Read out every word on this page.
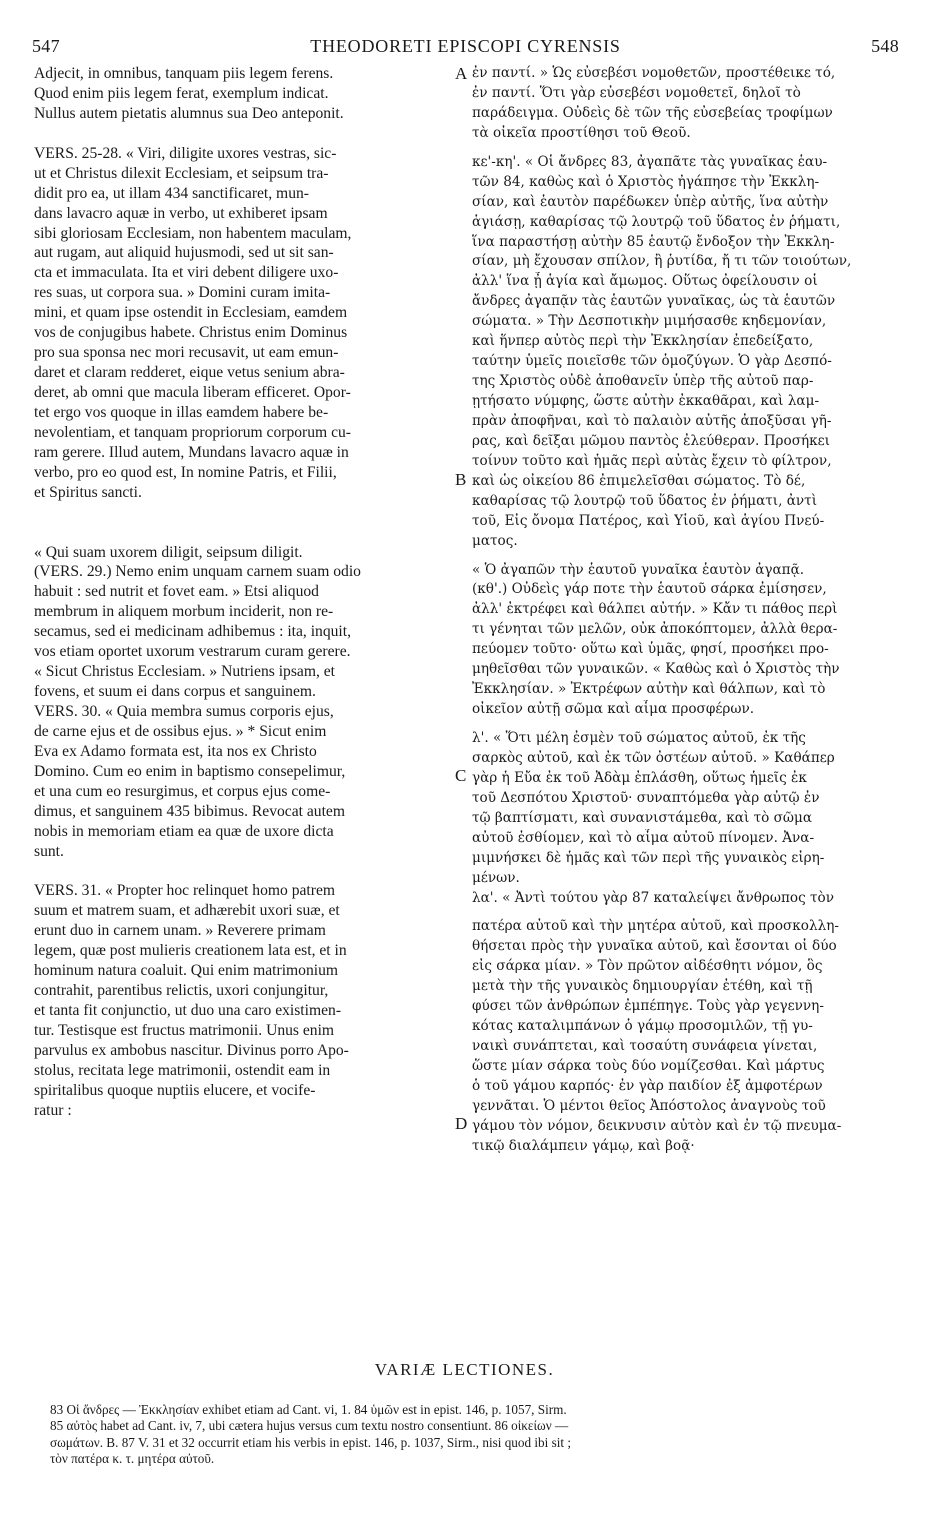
547	THEODORETI EPISCOPI CYRENSIS	548
Adjecit, in omnibus, tanquam piis legem ferens.
Quod enim piis legem ferat, exemplum indicat.
Nullus autem pietatis alumnus sua Deo anteponit.
VERS. 25-28. « Viri, diligite uxores vestras, sic-
ut et Christus dilexit Ecclesiam, et seipsum tra-
didit pro ea, ut illam 434 sanctificaret, mun-
dans lavacro aquæ in verbo, ut exhiberet ipsam
sibi gloriosam Ecclesiam, non habentem maculam,
aut rugam, aut aliquid hujusmodi, sed ut sit san-
cta et immaculata. Ita et viri debent diligere uxo-
res suas, ut corpora sua. » Domini curam imita-
mini, et quam ipse ostendit in Ecclesiam, eamdem
vos de conjugibus habete. Christus enim Dominus
pro sua sponsa nec mori recusavit, ut eam emun-
daret et claram redderet, eique vetus senium abra-
deret, ab omni que macula liberam efficeret. Opor-
tet ergo vos quoque in illas eamdem habere be-
nevolentiam, et tanquam propriorum corporum cu-
ram gerere. Illud autem, Mundans lavacro aquæ in
verbo, pro eo quod est, In nomine Patris, et Filii,
et Spiritus sancti.
« Qui suam uxorem diligit, seipsum diligit.
(VERS. 29.) Nemo enim unquam carnem suam odio
habuit : sed nutrit et fovet eam. » Etsi aliquod
membrum in aliquem morbum inciderit, non re-
secamus, sed ei medicinam adhibemus : ita, inquit,
vos etiam oportet uxorum vestrarum curam gerere.
« Sicut Christus Ecclesiam. » Nutriens ipsam, et
fovens, et suum ei dans corpus et sanguinem.
VERS. 30. « Quia membra sumus corporis ejus,
de carne ejus et de ossibus ejus. » * Sicut enim
Eva ex Adamo formata est, ita nos ex Christo
Domino. Cum eo enim in baptismo consepelimur,
et una cum eo resurgimus, et corpus ejus come-
dimus, et sanguinem 435 bibimus. Revocat autem
nobis in memoriam etiam ea quæ de uxore dicta
sunt.
VERS. 31. « Propter hoc relinquet homo patrem
suum et matrem suam, et adhærebit uxori suæ, et
erunt duo in carnem unam. » Reverere primam
legem, quæ post mulieris creationem lata est, et in
hominum natura coaluit. Qui enim matrimonium
contrahit, parentibus relictis, uxori conjungitur,
et tanta fit conjunctio, ut duo una caro existimen-
tur. Testisque est fructus matrimonii. Unus enim
parvulus ex ambobus nascitur. Divinus porro Apo-
stolus, recitata lege matrimonii, ostendit eam in
spiritalibus quoque nuptiis elucere, et vocife-
ratur :
ἐν παντί. » Ὡς εὐσεβέσι νομοθετῶν, προστέθεικε τό,
ἐν παντί. Ὅτι γὰρ εὐσεβέσι νομοθετεῖ, δηλοῖ τὸ
παράδειγμα. Οὐδεὶς δὲ τῶν τῆς εὐσεβείας τροφίμων
τὰ οἰκεῖα προστίθησι τοῦ Θεοῦ.
κε'-κη'. « Οἱ ἄνδρες 83, ἀγαπᾶτε τὰς γυναῖκας ἑαυ-
τῶν 84, καθὼς καὶ ὁ Χριστὸς ἠγάπησε τὴν Ἐκκλη-
σίαν, καὶ ἑαυτὸν παρέδωκεν ὑπὲρ αὐτῆς, ἵνα αὐτὴν
ἁγιάσῃ, καθαρίσας τῷ λουτρῷ τοῦ ὕδατος ἐν ῥήματι,
ἵνα παραστήσῃ αὐτὴν 85 ἑαυτῷ ἔνδοξον τὴν Ἐκκλη-
σίαν, μὴ ἔχουσαν σπίλον, ἢ ῥυτίδα, ἤ τι τῶν τοιούτων,
ἀλλ' ἵνα ᾖ ἁγία καὶ ἄμωμος. Οὕτως ὀφείλουσιν οἱ
ἄνδρες ἀγαπᾷν τὰς ἑαυτῶν γυναῖκας, ὡς τὰ ἑαυτῶν
σώματα. » Τὴν Δεσποτικὴν μιμήσασθε κηδεμονίαν,
καὶ ἥνπερ αὐτὸς περὶ τὴν Ἐκκλησίαν ἐπεδείξατο,
ταύτην ὑμεῖς ποιεῖσθε τῶν ὁμοζύγων. Ὁ γὰρ Δεσπό-
της Χριστὸς οὐδὲ ἀποθανεῖν ὑπὲρ τῆς αὐτοῦ παρ-
ῃτήσατο νύμφης, ὥστε αὐτὴν ἐκκαθᾶραι, καὶ λαμ-
πρὰν ἀποφῆναι, καὶ τὸ παλαιὸν αὐτῆς ἀποξῦσαι γῆ-
ρας, καὶ δεῖξαι μῶμου παντὸς ἐλεύθεραν. Προσήκει
τοίνυν τοῦτο καὶ ἡμᾶς περὶ αὐτὰς ἔχειν τὸ φίλτρον,
καὶ ὡς οἰκείου 86 ἐπιμελεῖσθαι σώματος. Τὸ δέ,
καθαρίσας τῷ λουτρῷ τοῦ ὕδατος ἐν ῥήματι, ἀντὶ
τοῦ, Εἰς ὄνομα Πατέρος, καὶ Υἱοῦ, καὶ ἁγίου Πνεύ-
ματος.
« Ὁ ἀγαπῶν τὴν ἑαυτοῦ γυναῖκα ἑαυτὸν ἀγαπᾷ.
(κθ'.) Οὐδεὶς γάρ ποτε τὴν ἑαυτοῦ σάρκα ἐμίσησεν,
ἀλλ' ἐκτρέφει καὶ θάλπει αὐτήν. » Κἄν τι πάθος περὶ
τι γένηται τῶν μελῶν, οὐκ ἀποκόπτομεν, ἀλλὰ θερα-
πεύομεν τοῦτο· οὕτω καὶ ὑμᾶς, φησί, προσήκει προ-
μηθεῖσθαι τῶν γυναικῶν. « Καθὼς καὶ ὁ Χριστὸς τὴν
Ἐκκλησίαν. » Ἐκτρέφων αὐτὴν καὶ θάλπων, καὶ τὸ
οἰκεῖον αὐτῇ σῶμα καὶ αἷμα προσφέρων.
λ'. « Ὅτι μέλη ἐσμὲν τοῦ σώματος αὐτοῦ, ἐκ τῆς
σαρκὸς αὐτοῦ, καὶ ἐκ τῶν ὀστέων αὐτοῦ. » Καθάπερ
γὰρ ἡ Εὔα ἐκ τοῦ Ἀδὰμ ἐπλάσθη, οὕτως ἡμεῖς ἐκ
τοῦ Δεσπότου Χριστοῦ· συναπτόμεθα γὰρ αὐτῷ ἐν
τῷ βαπτίσματι, καὶ συνανιστάμεθα, καὶ τὸ σῶμα
αὐτοῦ ἐσθίομεν, καὶ τὸ αἷμα αὐτοῦ πίνομεν. Ἀνα-
μιμνήσκει δὲ ἡμᾶς καὶ τῶν περὶ τῆς γυναικὸς εἰρη-
μένων.
λα'. « Ἀντὶ τούτου γὰρ 87 καταλείψει ἄνθρωπος τὸν
πατέρα αὐτοῦ καὶ τὴν μητέρα αὐτοῦ, καὶ προσκολλη-
θήσεται πρὸς τὴν γυναῖκα αὐτοῦ, καὶ ἔσονται οἱ δύο
εἰς σάρκα μίαν. » Τὸν πρῶτον αἰδέσθητι νόμον, ὃς
μετὰ τὴν τῆς γυναικὸς δημιουργίαν ἐτέθη, καὶ τῇ
φύσει τῶν ἀνθρώπων ἐμπέπηγε. Τοὺς γὰρ γεγεννη-
κότας καταλιμπάνων ὁ γάμῳ προσομιλῶν, τῇ γυ-
ναικὶ συνάπτεται, καὶ τοσαύτη συνάφεια γίνεται,
ὥστε μίαν σάρκα τοὺς δύο νομίζεσθαι. Καὶ μάρτυς
ὁ τοῦ γάμου καρπός· ἐν γὰρ παιδίον ἐξ ἀμφοτέρων
γεννᾶται. Ὁ μέντοι θεῖος Ἀπόστολος ἀναγνοὺς τοῦ
γάμου τὸν νόμον, δεικνυσιν αὐτὸν καὶ ἐν τῷ πνευμα-
τικῷ διαλάμπειν γάμῳ, καὶ βοᾷ·
A
B
C
D
VARIÆ LECTIONES.
83 Οἱ ἄνδρες — Ἐκκλησίαν exhibet etiam ad Cant. vi, 1. 84 ὑμῶν est in epist. 146, p. 1057, Sirm.
85 αὐτὸς habet ad Cant. iv, 7, ubi cætera hujus versus cum textu nostro consentiunt. 86 οἰκείων —
σωμάτων. B. 87 V. 31 et 32 occurrit etiam his verbis in epist. 146, p. 1037, Sirm., nisi quod ibi sit ;
τὸν πατέρα κ. τ. μητέρα αὐτοῦ.
